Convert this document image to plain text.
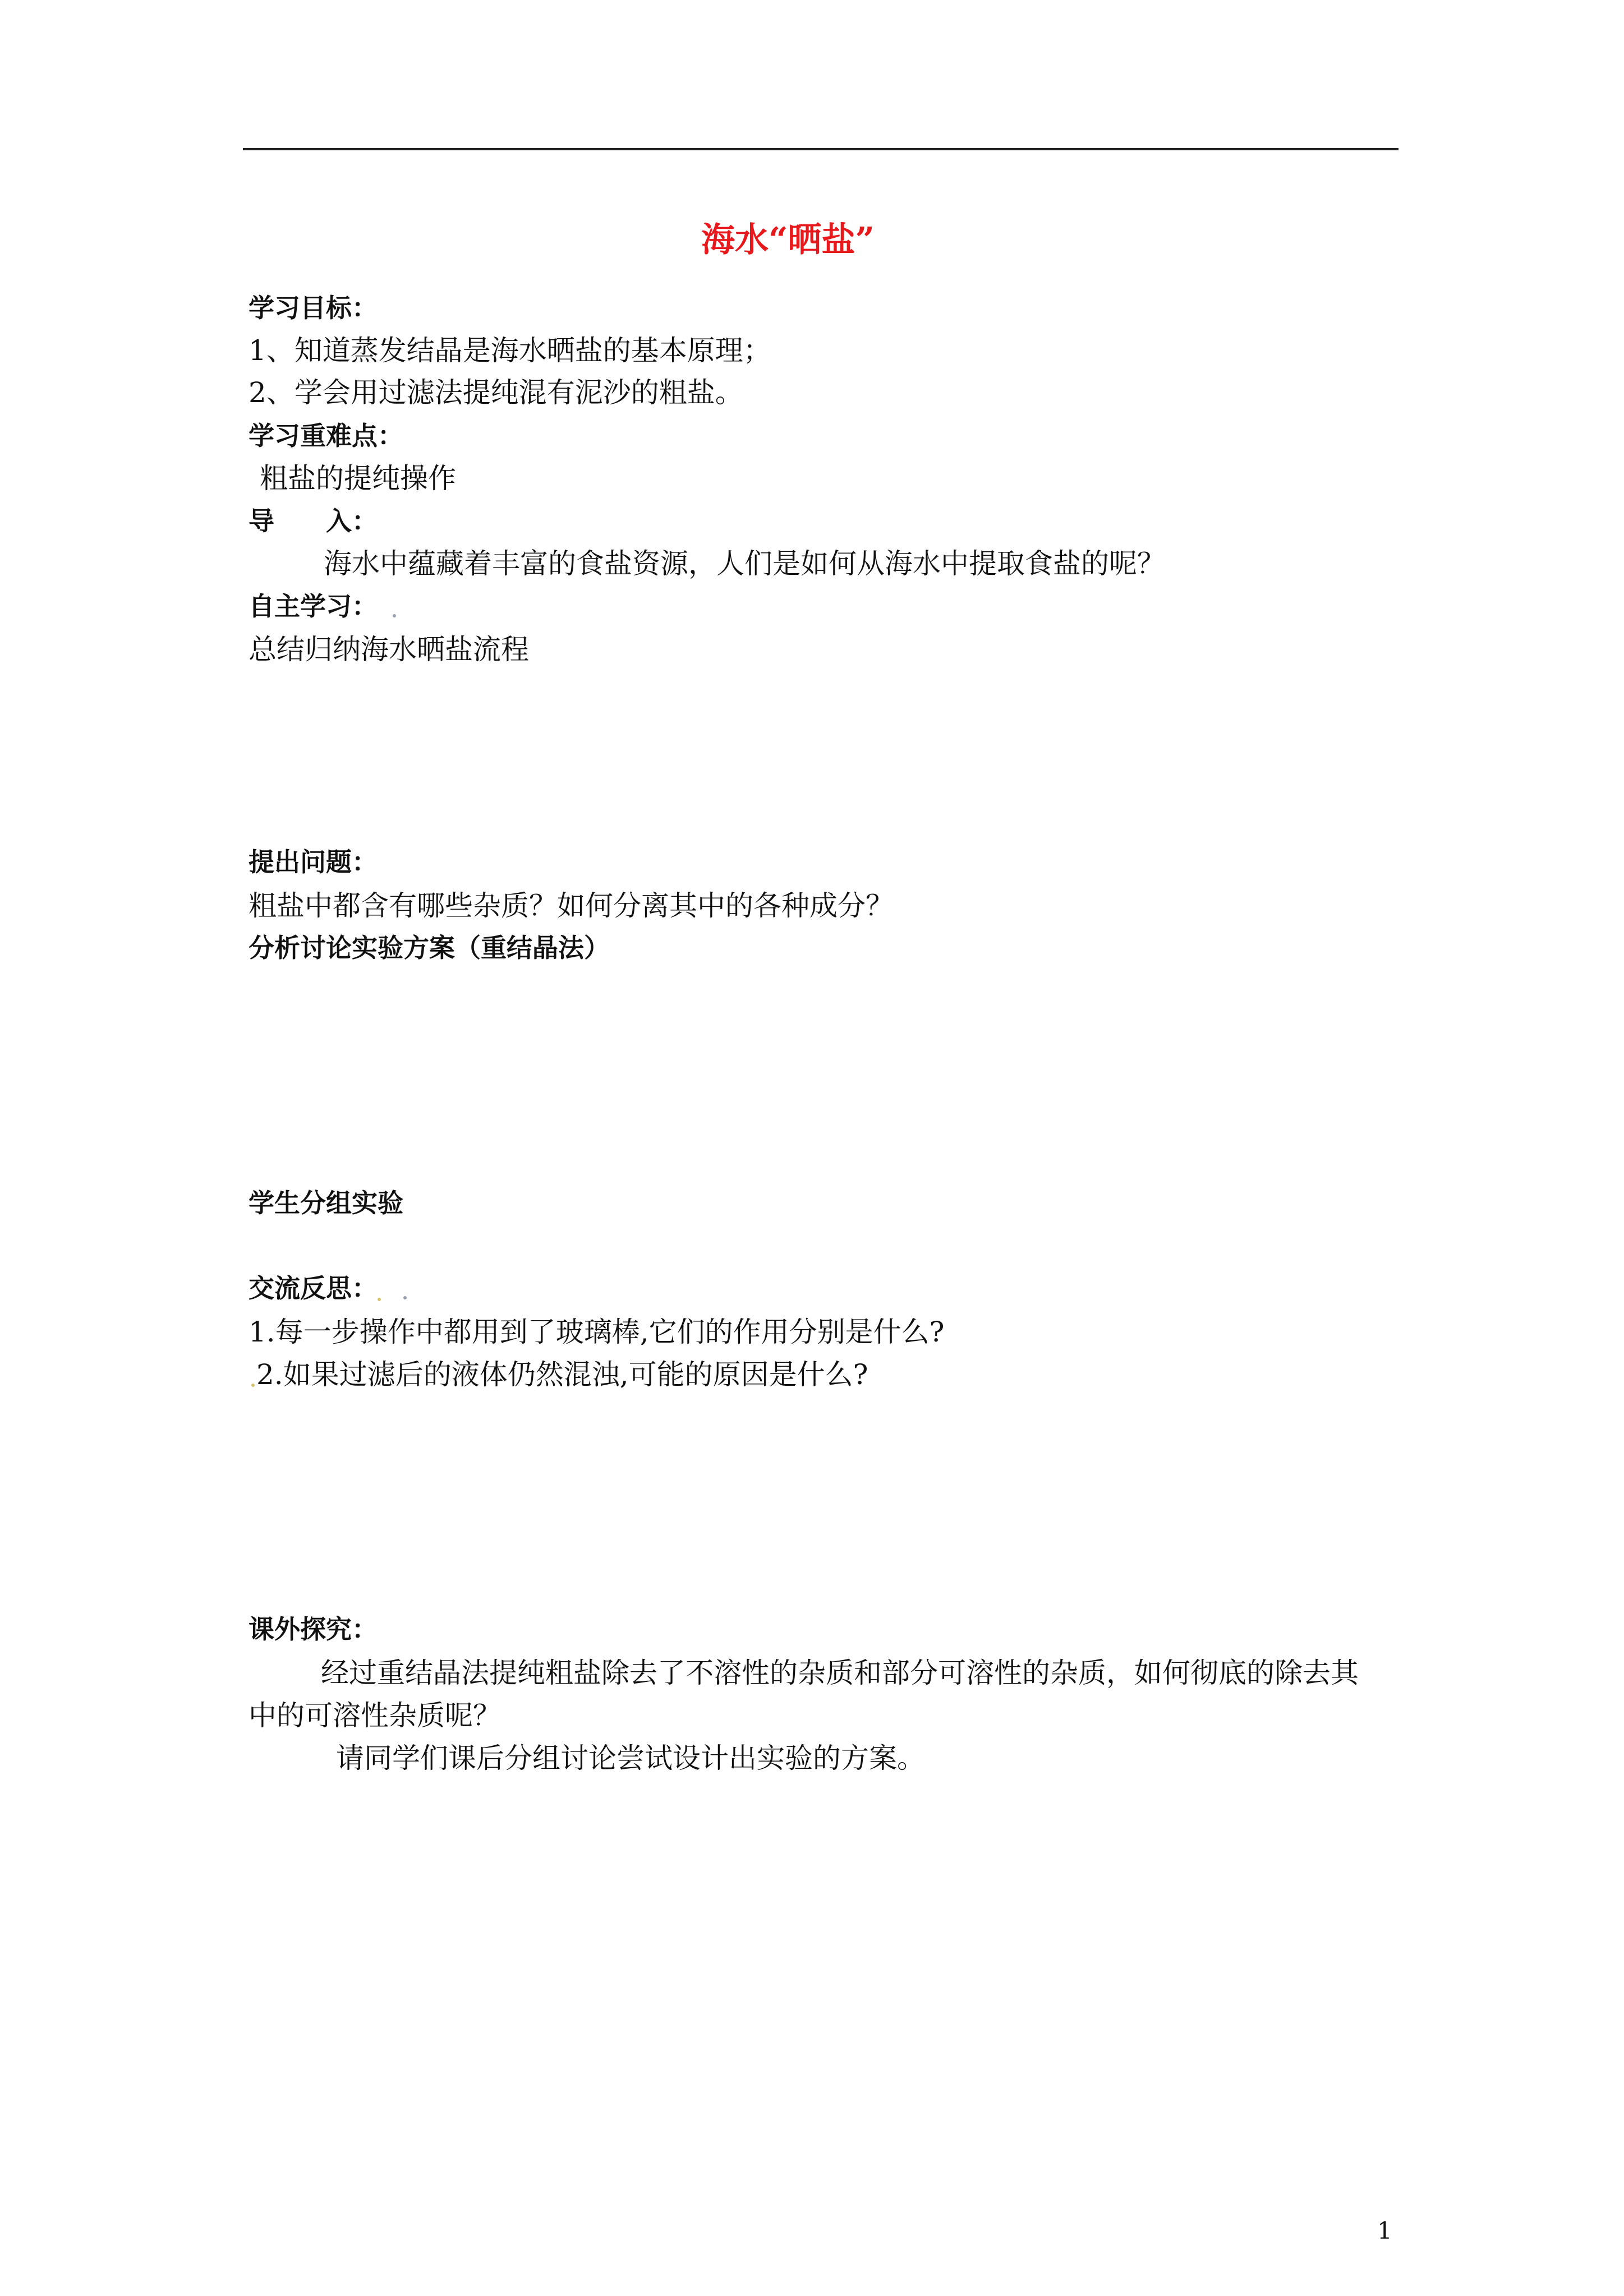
海水“晒盐”
学习目标：
1、知道蒸发结晶是海水晒盐的基本原理；
2、学会用过滤法提纯混有泥沙的粗盐。
学习重难点：
粗盐的提纯操作
导　　入：
海水中蕴藏着丰富的食盐资源，人们是如何从海水中提取食盐的呢？
自主学习：
总结归纳海水晒盐流程
提出问题：
粗盐中都含有哪些杂质？如何分离其中的各种成分？
分析讨论实验方案（重结晶法）
学生分组实验
交流反思：
1.每一步操作中都用到了玻璃棒,它们的作用分别是什么?
2.如果过滤后的液体仍然混浊,可能的原因是什么?
课外探究：
经过重结晶法提纯粗盐除去了不溶性的杂质和部分可溶性的杂质，如何彻底的除去其
中的可溶性杂质呢？
请同学们课后分组讨论尝试设计出实验的方案。
1
